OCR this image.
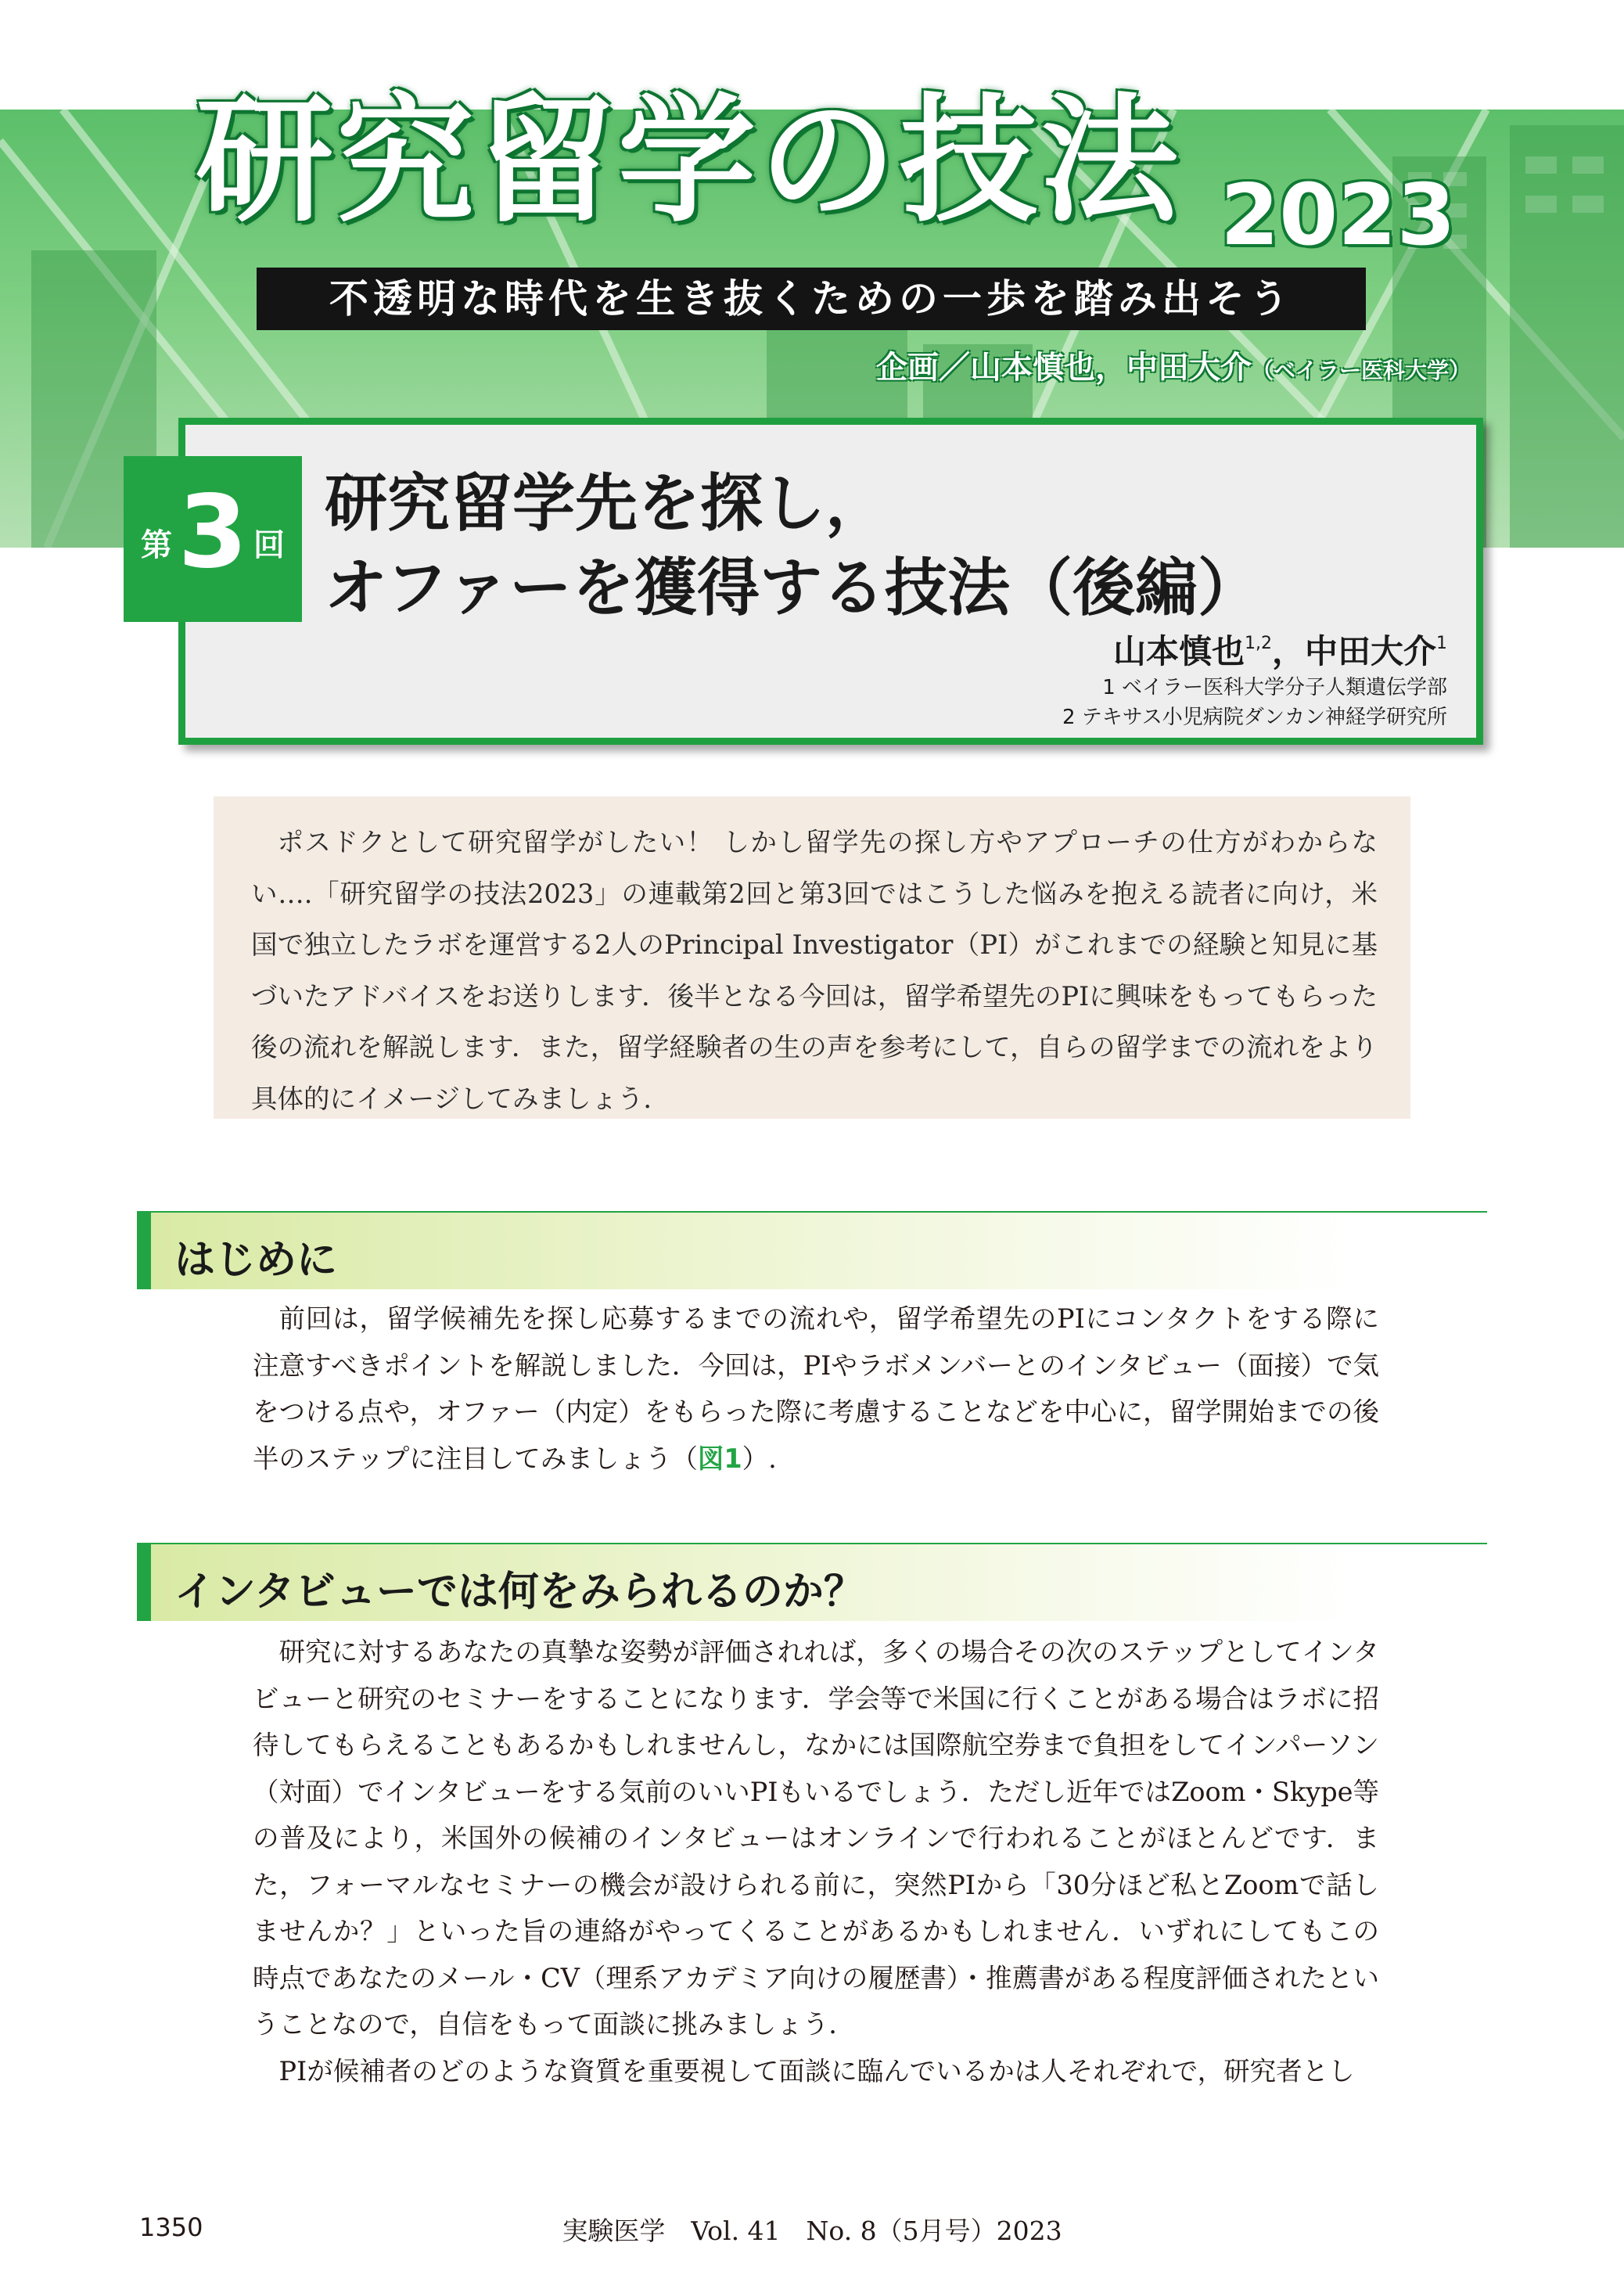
研究留学の技法 2023
不透明な時代を生き抜くための一歩を踏み出そう
企画／山本慎也，中田大介（ベイラー医科大学）
第 3 回
研究留学先を探し，
オファーを獲得する技法（後編）
山本慎也$^{1,2}$，中田大介$^1$
1 ベイラー医科大学分子人類遺伝学部
2 テキサス小児病院ダンカン神経学研究所

ポスドクとして研究留学がしたい！ しかし留学先の探し方やアプローチの仕方がわからない….「研究留学の技法2023」の連載第2回と第3回ではこうした悩みを抱える読者に向け，米国で独立したラボを運営する2人のPrincipal Investigator（PI）がこれまでの経験と知見に基づいたアドバイスをお送りします．後半となる今回は，留学希望先のPIに興味をもってもらった後の流れを解説します．また，留学経験者の生の声を参考にして，自らの留学までの流れをより具体的にイメージしてみましょう．

はじめに

前回は，留学候補先を探し応募するまでの流れや，留学希望先のPIにコンタクトをする際に注意すべきポイントを解説しました．今回は，PIやラボメンバーとのインタビュー（面接）で気をつける点や，オファー（内定）をもらった際に考慮することなどを中心に，留学開始までの後半のステップに注目してみましょう（図1）.

インタビューでは何をみられるのか？

研究に対するあなたの真摯な姿勢が評価されれば，多くの場合その次のステップとしてインタビューと研究のセミナーをすることになります．学会等で米国に行くことがある場合はラボに招待してもらえることもあるかもしれませんし，なかには国際航空券まで負担をしてインパーソン（対面）でインタビューをする気前のいいPIもいるでしょう．ただし近年ではZoom・Skype等の普及により，米国外の候補のインタビューはオンラインで行われることがほとんどです．また，フォーマルなセミナーの機会が設けられる前に，突然PIから「30分ほど私とZoomで話しませんか？」といった旨の連絡がやってくることがあるかもしれません．いずれにしてもこの時点であなたのメール・CV（理系アカデミア向けの履歴書）・推薦書がある程度評価されたということなので，自信をもって面談に挑みましょう．

PIが候補者のどのような資質を重要視して面談に臨んでいるかは人それぞれで，研究者とし

1350	実験医学　Vol. 41　No. 8（5月号）2023
